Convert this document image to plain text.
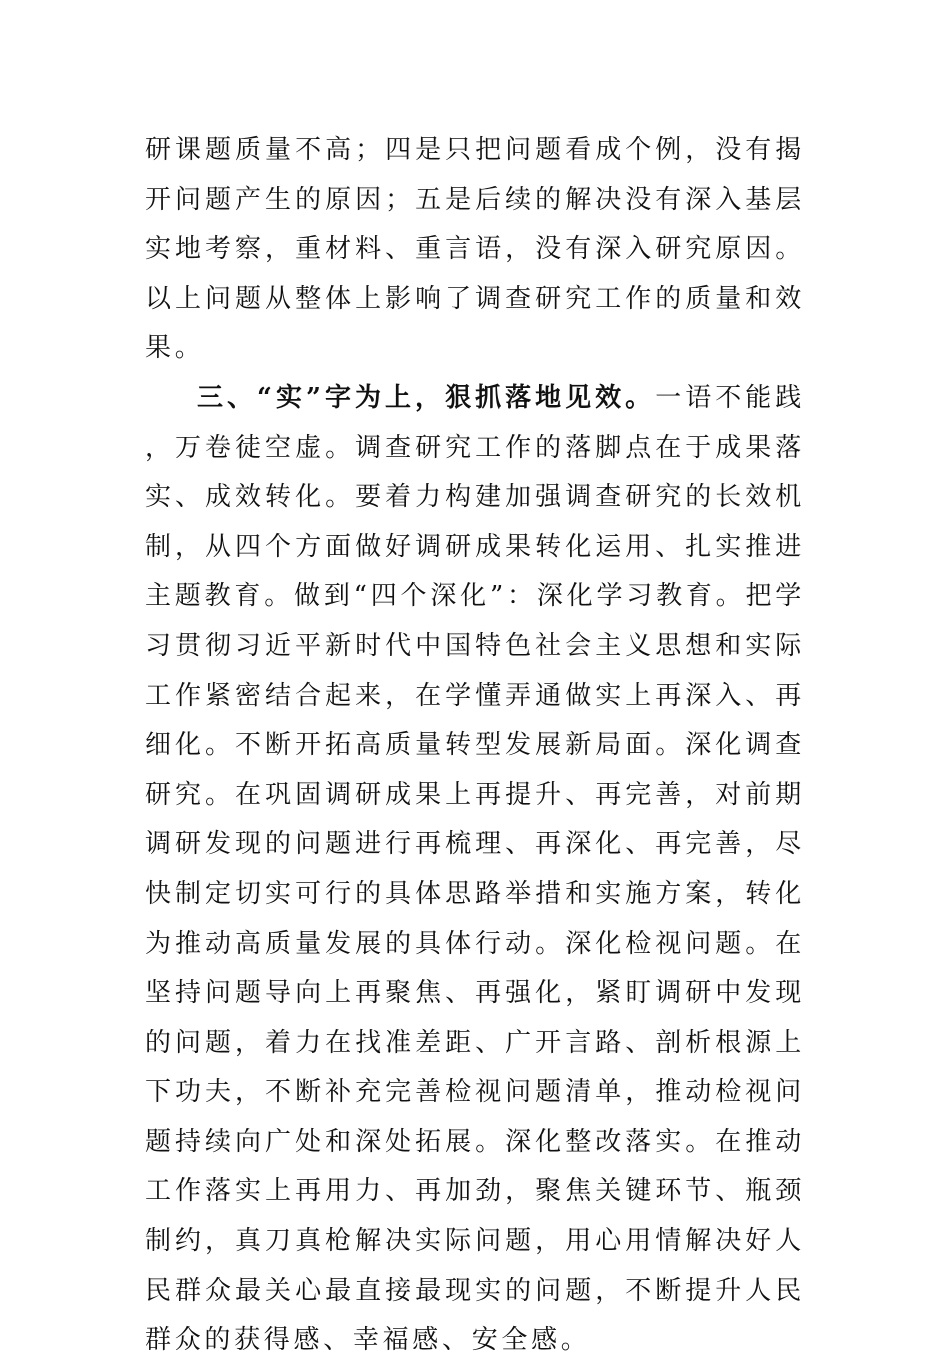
研课题质量不高；四是只把问题看成个例，没有揭开问题产生的原因；五是后续的解决没有深入基层实地考察，重材料、重言语，没有深入研究原因。以上问题从整体上影响了调查研究工作的质量和效果。

三、“实”字为上，狠抓落地见效。一语不能践，万卷徒空虚。调查研究工作的落脚点在于成果落实、成效转化。要着力构建加强调查研究的长效机制，从四个方面做好调研成果转化运用、扎实推进主题教育。做到“四个深化”：深化学习教育。把学习贯彻习近平新时代中国特色社会主义思想和实际工作紧密结合起来，在学懂弄通做实上再深入、再细化。不断开拓高质量转型发展新局面。深化调查研究。在巩固调研成果上再提升、再完善，对前期调研发现的问题进行再梳理、再深化、再完善，尽快制定切实可行的具体思路举措和实施方案，转化为推动高质量发展的具体行动。深化检视问题。在坚持问题导向上再聚焦、再强化，紧盯调研中发现的问题，着力在找准差距、广开言路、剖析根源上下功夫，不断补充完善检视问题清单，推动检视问题持续向广处和深处拓展。深化整改落实。在推动工作落实上再用力、再加劲，聚焦关键环节、瓶颈制约，真刀真枪解决实际问题，用心用情解决好人民群众最关心最直接最现实的问题，不断提升人民群众的获得感、幸福感、安全感。
